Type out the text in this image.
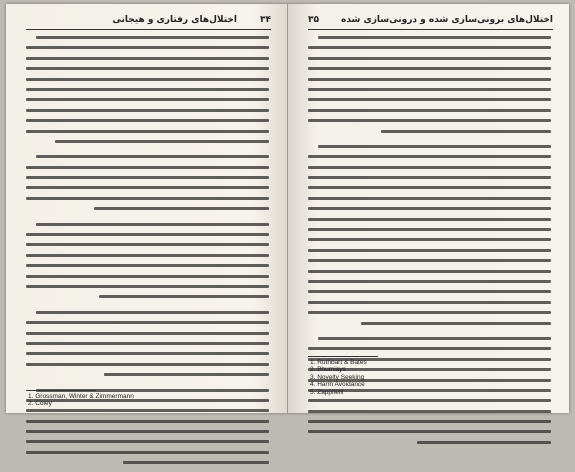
اختلال‌های رفتاری و هیجانی	۳۴
1. Grossman, Winter & Zimmermann
2. Coley
اختلال‌های برونی‌سازی شده و درونی‌سازی شده
۳۵
1. Rothbart & Bates
2. Bhumiays
3. Novelty Seeking
4. Harm Avoidance
5. Zappitelli
